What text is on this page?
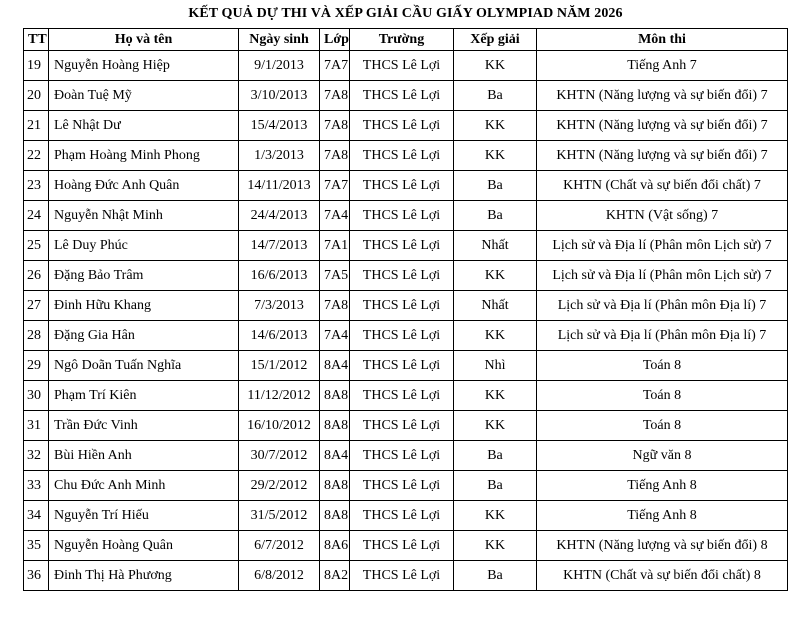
KẾT QUẢ DỰ THI VÀ XẾP GIẢI CẦU GIẤY OLYMPIAD NĂM 2026
TT	Họ và tên	Ngày sinh	Lớp	Trường	Xếp giải	Môn thi
19	Nguyễn Hoàng Hiệp	9/1/2013	7A7	THCS Lê Lợi	KK	Tiếng Anh 7
20	Đoàn Tuệ Mỹ	3/10/2013	7A8	THCS Lê Lợi	Ba	KHTN (Năng lượng và sự biến đổi) 7
21	Lê Nhật Dư	15/4/2013	7A8	THCS Lê Lợi	KK	KHTN (Năng lượng và sự biến đổi) 7
22	Phạm Hoàng Minh Phong	1/3/2013	7A8	THCS Lê Lợi	KK	KHTN (Năng lượng và sự biến đổi) 7
23	Hoàng Đức Anh Quân	14/11/2013	7A7	THCS Lê Lợi	Ba	KHTN (Chất và sự biến đổi chất) 7
24	Nguyễn Nhật Minh	24/4/2013	7A4	THCS Lê Lợi	Ba	KHTN (Vật sống) 7
25	Lê Duy Phúc	14/7/2013	7A1	THCS Lê Lợi	Nhất	Lịch sử và Địa lí (Phân môn Lịch sử) 7
26	Đặng Bảo Trâm	16/6/2013	7A5	THCS Lê Lợi	KK	Lịch sử và Địa lí (Phân môn Lịch sử) 7
27	Đinh Hữu Khang	7/3/2013	7A8	THCS Lê Lợi	Nhất	Lịch sử và Địa lí (Phân môn Địa lí) 7
28	Đặng Gia Hân	14/6/2013	7A4	THCS Lê Lợi	KK	Lịch sử và Địa lí (Phân môn Địa lí) 7
29	Ngô Doãn Tuấn Nghĩa	15/1/2012	8A4	THCS Lê Lợi	Nhì	Toán 8
30	Phạm Trí Kiên	11/12/2012	8A8	THCS Lê Lợi	KK	Toán 8
31	Trần Đức Vinh	16/10/2012	8A8	THCS Lê Lợi	KK	Toán 8
32	Bùi Hiền Anh	30/7/2012	8A4	THCS Lê Lợi	Ba	Ngữ văn 8
33	Chu Đức Anh Minh	29/2/2012	8A8	THCS Lê Lợi	Ba	Tiếng Anh 8
34	Nguyễn Trí Hiếu	31/5/2012	8A8	THCS Lê Lợi	KK	Tiếng Anh 8
35	Nguyễn Hoàng Quân	6/7/2012	8A6	THCS Lê Lợi	KK	KHTN (Năng lượng và sự biến đổi) 8
36	Đinh Thị Hà Phương	6/8/2012	8A2	THCS Lê Lợi	Ba	KHTN (Chất và sự biến đổi chất) 8
